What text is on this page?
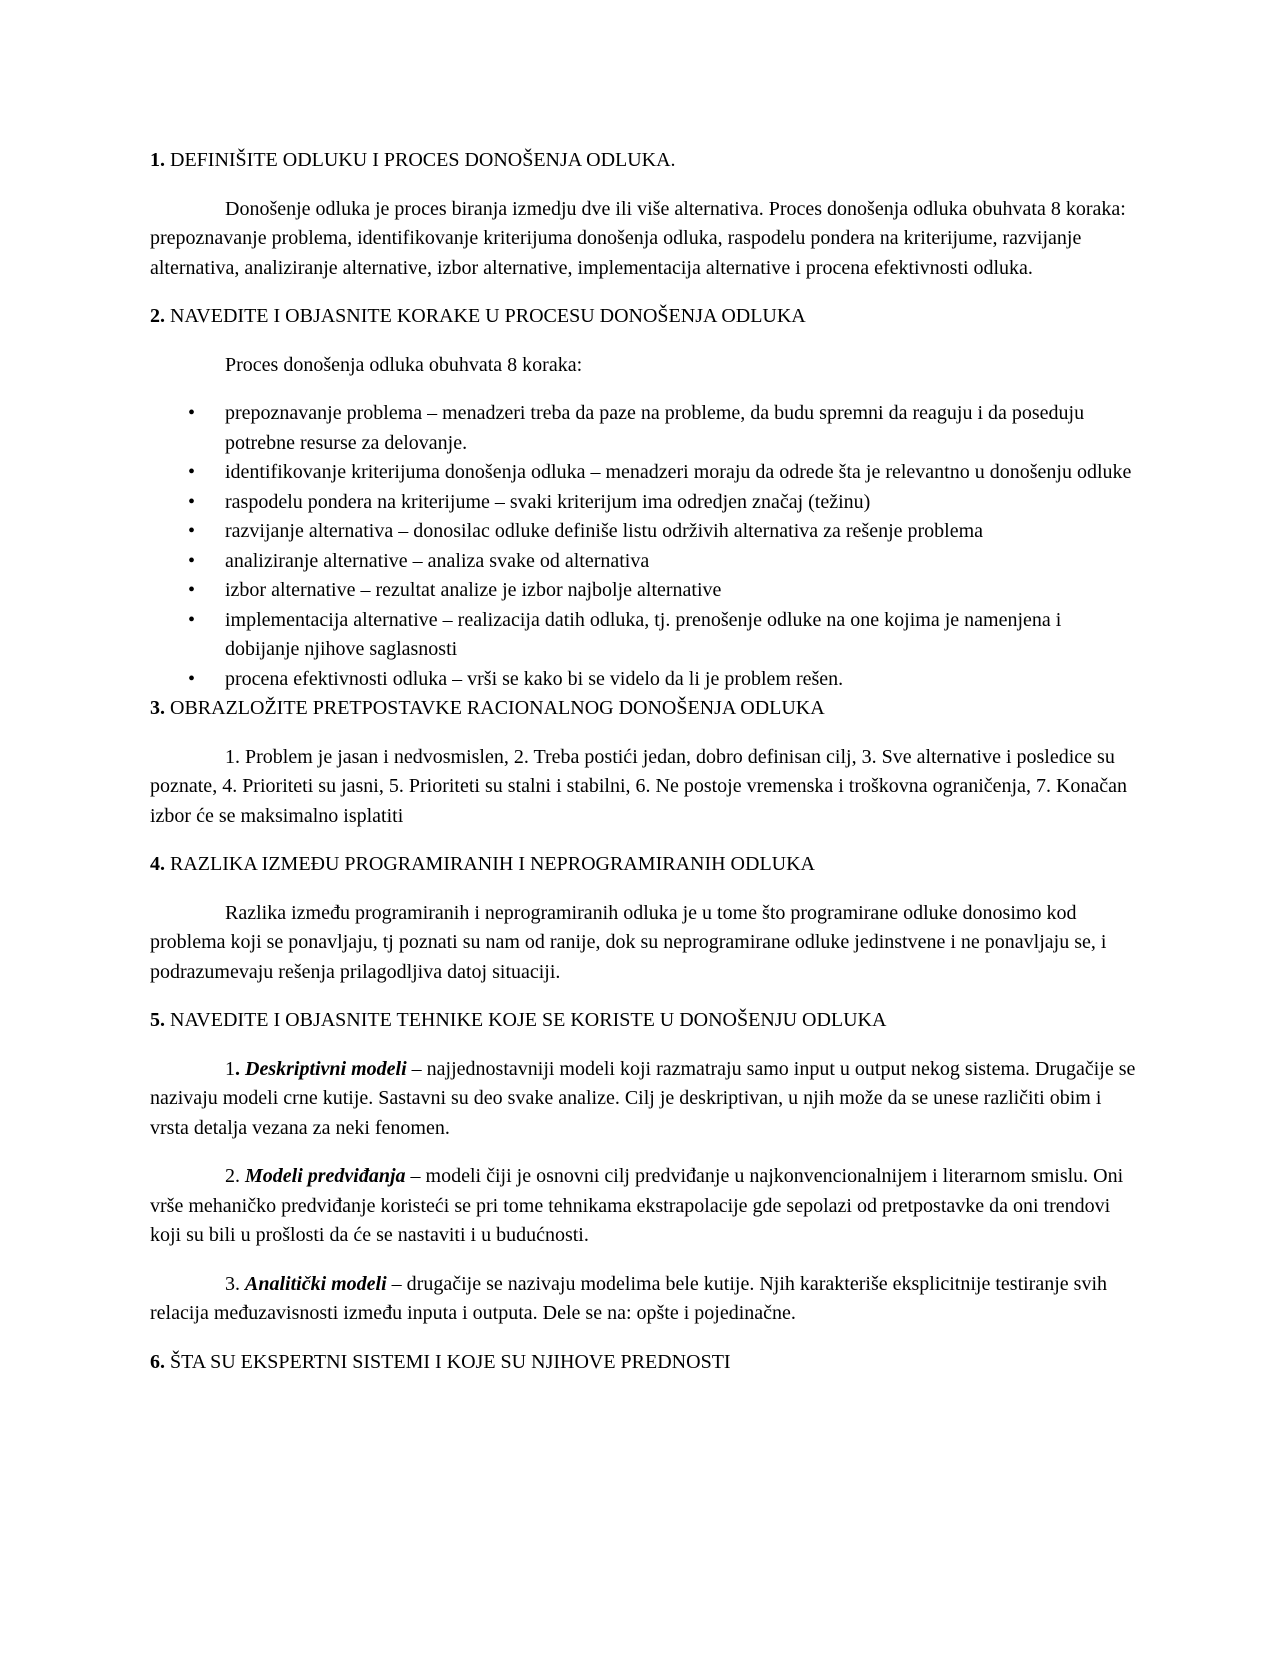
1. DEFINIŠITE ODLUKU I PROCES DONOŠENJA ODLUKA.

Donošenje odluka je proces biranja izmedju dve ili više alternativa. Proces donošenja odluka obuhvata 8 koraka: prepoznavanje problema, identifikovanje kriterijuma donošenja odluka, raspodelu pondera na kriterijume, razvijanje alternativa, analiziranje alternative, izbor alternative, implementacija alternative i procena efektivnosti odluka.

2. NAVEDITE I OBJASNITE KORAKE U PROCESU DONOŠENJA ODLUKA

Proces donošenja odluka obuhvata 8 koraka:

• prepoznavanje problema – menadzeri treba da paze na probleme, da budu spremni da reaguju i da poseduju potrebne resurse za delovanje.
• identifikovanje kriterijuma donošenja odluka – menadzeri moraju da odrede šta je relevantno u donošenju odluke
• raspodelu pondera na kriterijume – svaki kriterijum ima odredjen značaj (težinu)
• razvijanje alternativa – donosilac odluke definiše listu održivih alternativa za rešenje problema
• analiziranje alternative – analiza svake od alternativa
• izbor alternative – rezultat analize je izbor najbolje alternative
• implementacija alternative – realizacija datih odluka, tj. prenošenje odluke na one kojima je namenjena i dobijanje njihove saglasnosti
• procena efektivnosti odluka – vrši se kako bi se videlo da li je problem rešen.
3. OBRAZLOŽITE PRETPOSTAVKE RACIONALNOG DONOŠENJA ODLUKA

1. Problem je jasan i nedvosmislen, 2. Treba postići jedan, dobro definisan cilj, 3. Sve alternative i posledice su poznate, 4. Prioriteti su jasni, 5. Prioriteti su stalni i stabilni, 6. Ne postoje vremenska i troškovna ograničenja, 7. Konačan izbor će se maksimalno isplatiti

4. RAZLIKA IZMEĐU PROGRAMIRANIH I NEPROGRAMIRANIH ODLUKA

Razlika između programiranih i neprogramiranih odluka je u tome što programirane odluke donosimo kod problema koji se ponavljaju, tj poznati su nam od ranije, dok su neprogramirane odluke jedinstvene i ne ponavljaju se, i podrazumevaju rešenja prilagodljiva datoj situaciji.

5. NAVEDITE I OBJASNITE TEHNIKE KOJE SE KORISTE U DONOŠENJU ODLUKA

1. Deskriptivni modeli – najjednostavniji modeli koji razmatraju samo input u output nekog sistema. Drugačije se nazivaju modeli crne kutije. Sastavni su deo svake analize. Cilj je deskriptivan, u njih može da se unese različiti obim i vrsta detalja vezana za neki fenomen.

2. Modeli predviđanja – modeli čiji je osnovni cilj predviđanje u najkonvencionalnijem i literarnom smislu. Oni vrše mehaničko predviđanje koristeći se pri tome tehnikama ekstrapolacije gde sepolazi od pretpostavke da oni trendovi koji su bili u prošlosti da će se nastaviti i u budućnosti.

3. Analitički modeli – drugačije se nazivaju modelima bele kutije. Njih karakteriše eksplicitnije testiranje svih relacija međuzavisnosti između inputa i outputa. Dele se na: opšte i pojedinačne.

6. ŠTA SU EKSPERTNI SISTEMI I KOJE SU NJIHOVE PREDNOSTI
